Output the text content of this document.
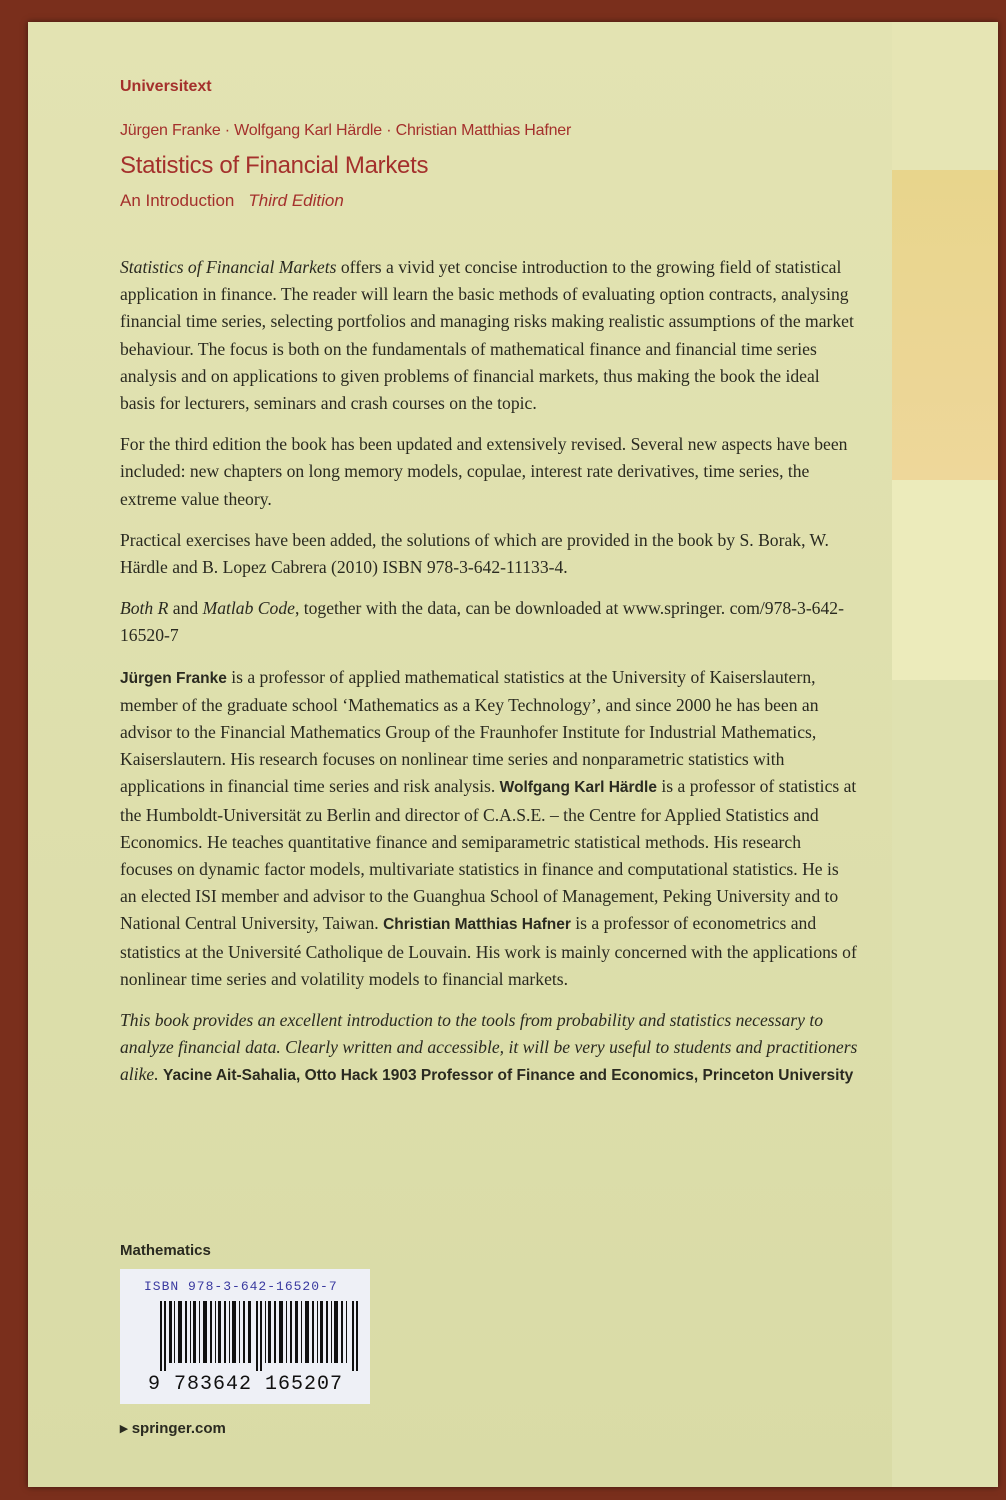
Universitext
Jürgen Franke · Wolfgang Karl Härdle · Christian Matthias Hafner
Statistics of Financial Markets
An Introduction Third Edition

Statistics of Financial Markets offers a vivid yet concise introduction to the growing field of statistical application in finance. The reader will learn the basic methods of evaluating option contracts, analysing financial time series, selecting portfolios and managing risks making realistic assumptions of the market behaviour. The focus is both on the fundamentals of mathematical finance and financial time series analysis and on applications to given problems of financial markets, thus making the book the ideal basis for lecturers, seminars and crash courses on the topic.

For the third edition the book has been updated and extensively revised. Several new aspects have been included: new chapters on long memory models, copulae, interest rate derivatives, time series, the extreme value theory.

Practical exercises have been added, the solutions of which are provided in the book by S. Borak, W. Härdle and B. Lopez Cabrera (2010) ISBN 978-3-642-11133-4.

Both R and Matlab Code, together with the data, can be downloaded at www.springer. com/978-3-642-16520-7

Jürgen Franke is a professor of applied mathematical statistics at the University of Kaiserslautern, member of the graduate school ‘Mathematics as a Key Technology’, and since 2000 he has been an advisor to the Financial Mathematics Group of the Fraunhofer Institute for Industrial Mathematics, Kaiserslautern. His research focuses on nonlinear time series and nonparametric statistics with applications in financial time series and risk analysis. Wolfgang Karl Härdle is a professor of statistics at the Humboldt-Universität zu Berlin and director of C.A.S.E. – the Centre for Applied Statistics and Economics. He teaches quantitative finance and semiparametric statistical methods. His research focuses on dynamic factor models, multivariate statistics in finance and computational statistics. He is an elected ISI member and advisor to the Guanghua School of Management, Peking University and to National Central University, Taiwan. Christian Matthias Hafner is a professor of econometrics and statistics at the Université Catholique de Louvain. His work is mainly concerned with the applications of nonlinear time series and volatility models to financial markets.

This book provides an excellent introduction to the tools from probability and statistics necessary to analyze financial data. Clearly written and accessible, it will be very useful to students and practitioners alike. Yacine Ait-Sahalia, Otto Hack 1903 Professor of Finance and Economics, Princeton University

Mathematics
ISBN 978-3-642-16520-7
9 783642 165207
▸ springer.com
